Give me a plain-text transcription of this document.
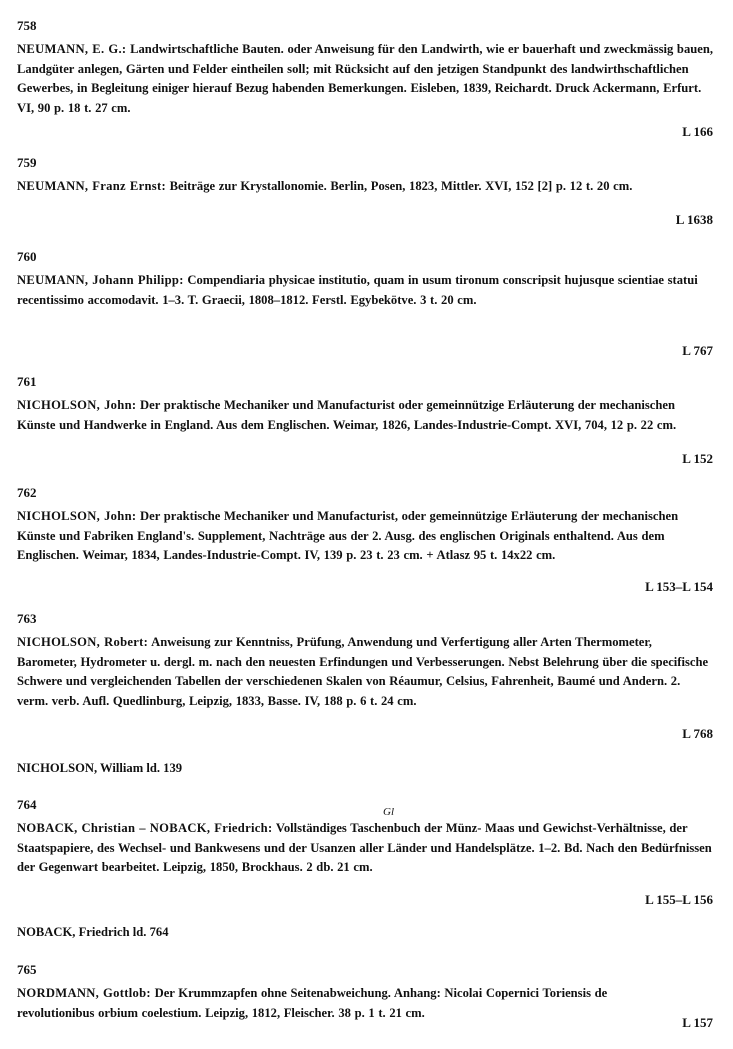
758

NEUMANN, E. G.: Landwirtschaftliche Bauten. oder Anweisung für den Landwirth, wie er bauerhaft und zweckmässig bauen, Landgüter anlegen, Gärten und Felder eintheilen soll; mit Rücksicht auf den jetzigen Standpunkt des landwirthschaftlichen Gewerbes, in Begleitung einiger hierauf Bezug habenden Bemerkungen. Eisleben, 1839, Reichardt. Druck Ackermann, Erfurt. VI, 90 p. 18 t. 27 cm.

L 166
759

NEUMANN, Franz Ernst: Beiträge zur Krystallonomie. Berlin, Posen, 1823, Mittler. XVI, 152 [2] p. 12 t. 20 cm.

L 1638
760

NEUMANN, Johann Philipp: Compendiaria physicae institutio, quam in usum tironum conscripsit hujusque scientiae statui recentissimo accomodavit. 1–3. T. Graecii, 1808–1812. Ferstl. Egybekötve. 3 t. 20 cm.

L 767
761

NICHOLSON, John: Der praktische Mechaniker und Manufacturist oder gemeinnützige Erläuterung der mechanischen Künste und Handwerke in England. Aus dem Englischen. Weimar, 1826, Landes-Industrie-Compt. XVI, 704, 12 p. 22 cm.

L 152
762

NICHOLSON, John: Der praktische Mechaniker und Manufacturist, oder gemeinnützige Erläuterung der mechanischen Künste und Fabriken England's. Supplement, Nachträge aus der 2. Ausg. des englischen Originals enthaltend. Aus dem Englischen. Weimar, 1834, Landes-Industrie-Compt. IV, 139 p. 23 t. 23 cm. + Atlasz 95 t. 14x22 cm.

L 153–L 154
763

NICHOLSON, Robert: Anweisung zur Kenntniss, Prüfung, Anwendung und Verfertigung aller Arten Thermometer, Barometer, Hydrometer u. dergl. m. nach den neuesten Erfindungen und Verbesserungen. Nebst Belehrung über die specifische Schwere und vergleichenden Tabellen der verschiedenen Skalen von Réaumur, Celsius, Fahrenheit, Baumé und Andern. 2. verm. verb. Aufl. Quedlinburg, Leipzig, 1833, Basse. IV, 188 p. 6 t. 24 cm.

L 768
NICHOLSON, William ld. 139
764

NOBACK, Christian – NOBACK, Friedrich: Vollständiges Taschenbuch der Münz- Maas und Gewichst-Verhältnisse, der Staatspapiere, des Wechsel- und Bankwesens und der Usanzen aller Länder und Handelsplätze. 1–2. Bd. Nach den Bedürfnissen der Gegenwart bearbeitet. Leipzig, 1850, Brockhaus. 2 db. 21 cm.

Gl
L 155–L 156
NOBACK, Friedrich ld. 764
765

NORDMANN, Gottlob: Der Krummzapfen ohne Seitenabweichung. Anhang: Nicolai Copernici Toriensis de revolutionibus orbium coelestium. Leipzig, 1812, Fleischer. 38 p. 1 t. 21 cm.

L 157
